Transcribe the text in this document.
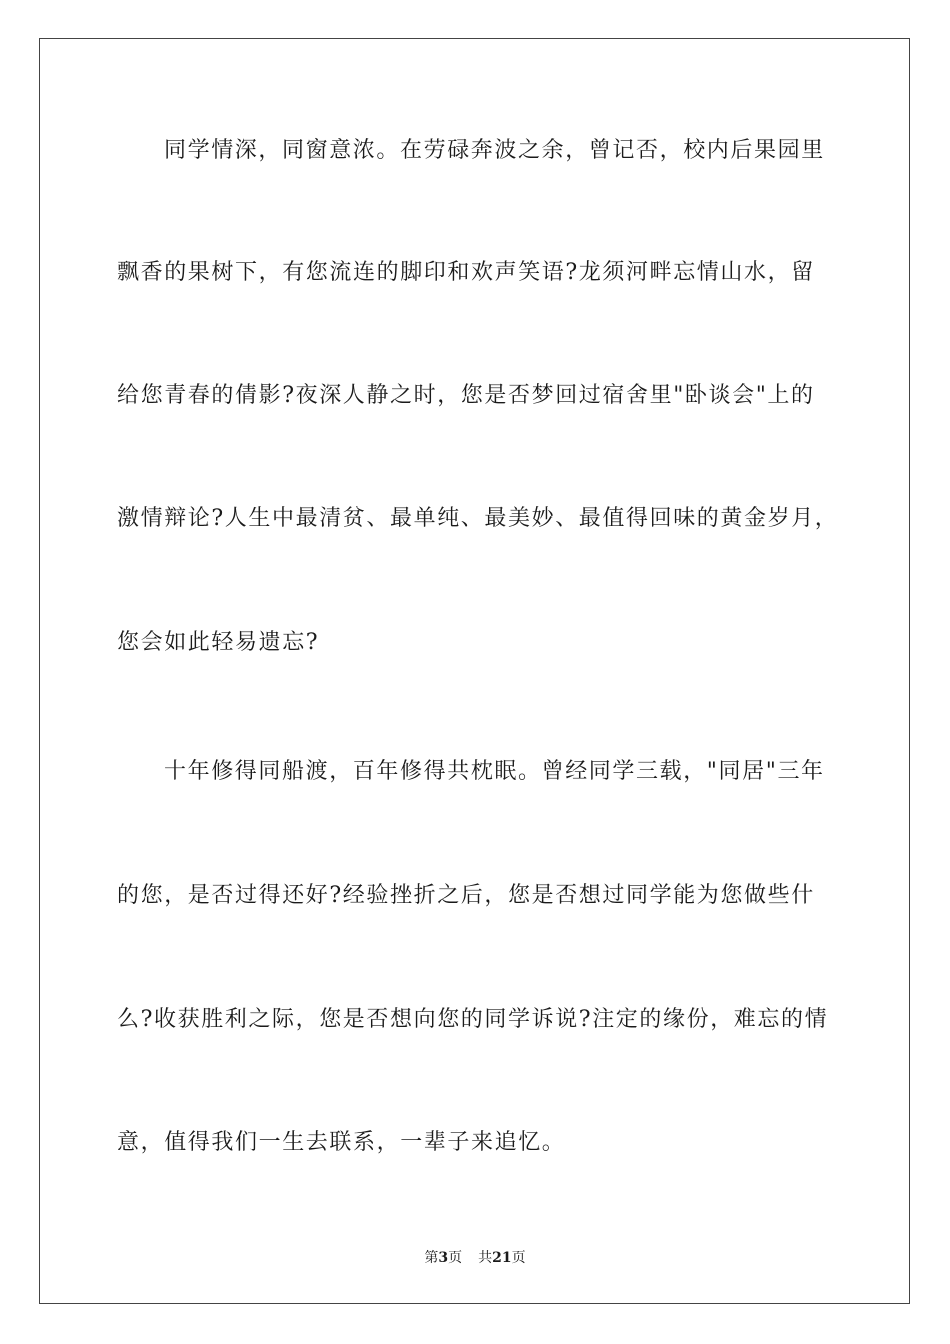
同学情深，同窗意浓。在劳碌奔波之余，曾记否，校内后果园里
飘香的果树下，有您流连的脚印和欢声笑语?龙须河畔忘情山水，留
给您青春的倩影?夜深人静之时，您是否梦回过宿舍里"卧谈会"上的
激情辩论?人生中最清贫、最单纯、最美妙、最值得回味的黄金岁月，
您会如此轻易遗忘?
十年修得同船渡，百年修得共枕眠。曾经同学三载，"同居"三年
的您，是否过得还好?经验挫折之后，您是否想过同学能为您做些什
么?收获胜利之际，您是否想向您的同学诉说?注定的缘份，难忘的情
意，值得我们一生去联系，一辈子来追忆。
第3页 共21页
